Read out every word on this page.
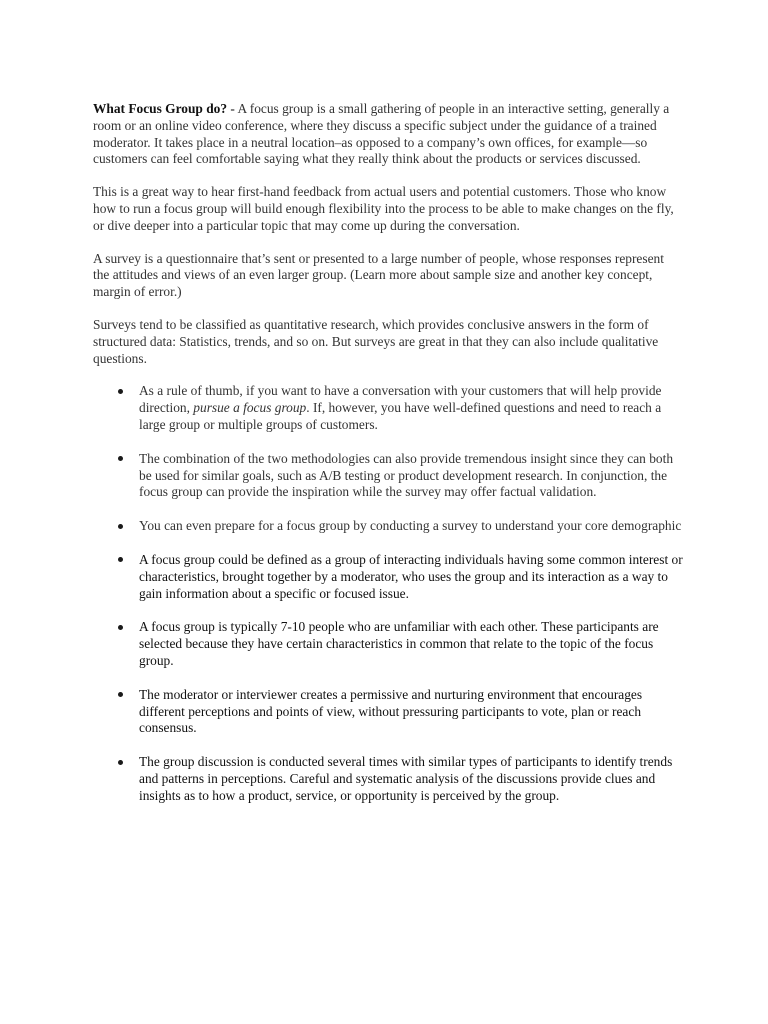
What Focus Group do? - A focus group is a small gathering of people in an interactive setting, generally a room or an online video conference, where they discuss a specific subject under the guidance of a trained moderator. It takes place in a neutral location–as opposed to a company’s own offices, for example—so customers can feel comfortable saying what they really think about the products or services discussed.

This is a great way to hear first-hand feedback from actual users and potential customers. Those who know how to run a focus group will build enough flexibility into the process to be able to make changes on the fly, or dive deeper into a particular topic that may come up during the conversation.

A survey is a questionnaire that’s sent or presented to a large number of people, whose responses represent the attitudes and views of an even larger group. (Learn more about sample size and another key concept, margin of error.)

Surveys tend to be classified as quantitative research, which provides conclusive answers in the form of structured data: Statistics, trends, and so on. But surveys are great in that they can also include qualitative questions.

As a rule of thumb, if you want to have a conversation with your customers that will help provide direction, pursue a focus group. If, however, you have well-defined questions and need to reach a large group or multiple groups of customers.
The combination of the two methodologies can also provide tremendous insight since they can both be used for similar goals, such as A/B testing or product development research. In conjunction, the focus group can provide the inspiration while the survey may offer factual validation.
You can even prepare for a focus group by conducting a survey to understand your core demographic
A focus group could be defined as a group of interacting individuals having some common interest or characteristics, brought together by a moderator, who uses the group and its interaction as a way to gain information about a specific or focused issue.
A focus group is typically 7-10 people who are unfamiliar with each other. These participants are selected because they have certain characteristics in common that relate to the topic of the focus group.
The moderator or interviewer creates a permissive and nurturing environment that encourages different perceptions and points of view, without pressuring participants to vote, plan or reach consensus.
The group discussion is conducted several times with similar types of participants to identify trends and patterns in perceptions. Careful and systematic analysis of the discussions provide clues and insights as to how a product, service, or opportunity is perceived by the group.
